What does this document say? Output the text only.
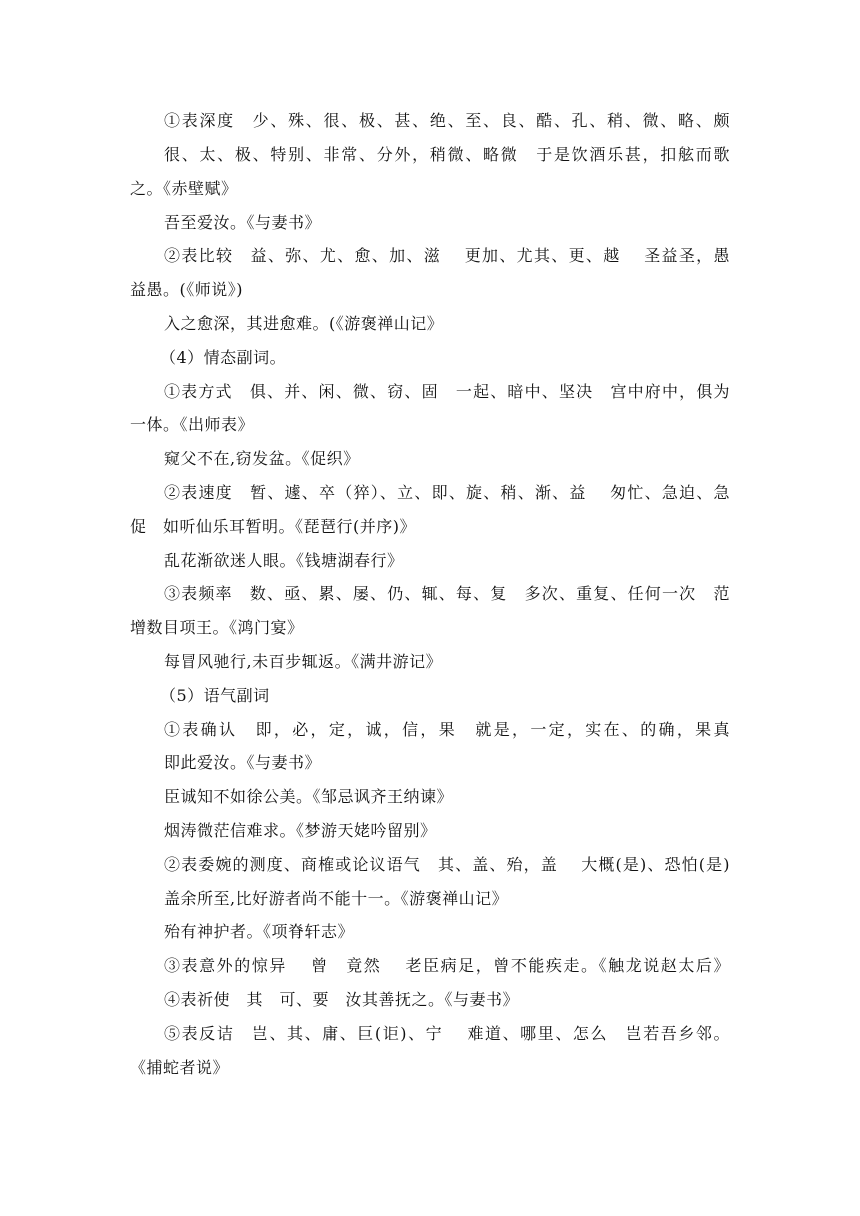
①表深度　少、殊、很、极、甚、绝、至、良、酷、孔、稍、微、略、颇
很、太、极、特别、非常、分外，稍微、略微　于是饮酒乐甚，扣舷而歌
之。《赤壁赋》
吾至爱汝。《与妻书》
②表比较　益、弥、尤、愈、加、滋　 更加、尤其、更、越 　圣益圣，愚
益愚。(《师说》)
入之愈深，其进愈难。(《游褒禅山记》
（4）情态副词。
①表方式　俱、并、闲、微、窃、固　一起、暗中、坚决　宫中府中，俱为
一体。《出师表》
窥父不在,窃发盆。《促织》
②表速度　暂、遽、卒（猝）、立、即、旋、稍、渐、益 　匆忙、急迫、急
促　如听仙乐耳暂明。《琵琶行(并序)》
乱花渐欲迷人眼。《钱塘湖春行》
③表频率　数、亟、累、屡、仍、辄、每、复　多次、重复、任何一次　范
增数目项王。《鸿门宴》
每冒风驰行,未百步辄返。《满井游记》
（5）语气副词
①表确认　即，必，定，诚，信，果　就是，一定，实在、的确，果真
即此爱汝。《与妻书》
臣诚知不如徐公美。《邹忌讽齐王纳谏》
烟涛微茫信难求。《梦游天姥吟留别》
②表委婉的测度、商榷或论议语气　其、盖、殆，盖　 大概(是)、恐怕(是)
盖余所至,比好游者尚不能十一。《游褒禅山记》
殆有神护者。《项脊轩志》
③表意外的惊异　 曾　竟然 　老臣病足，曾不能疾走。《触龙说赵太后》
④表祈使　其　可、要　汝其善抚之。《与妻书》
⑤表反诘　岂、其、庸、巨(讵)、宁 　难道、哪里、怎么　岂若吾乡邻。
《捕蛇者说》
